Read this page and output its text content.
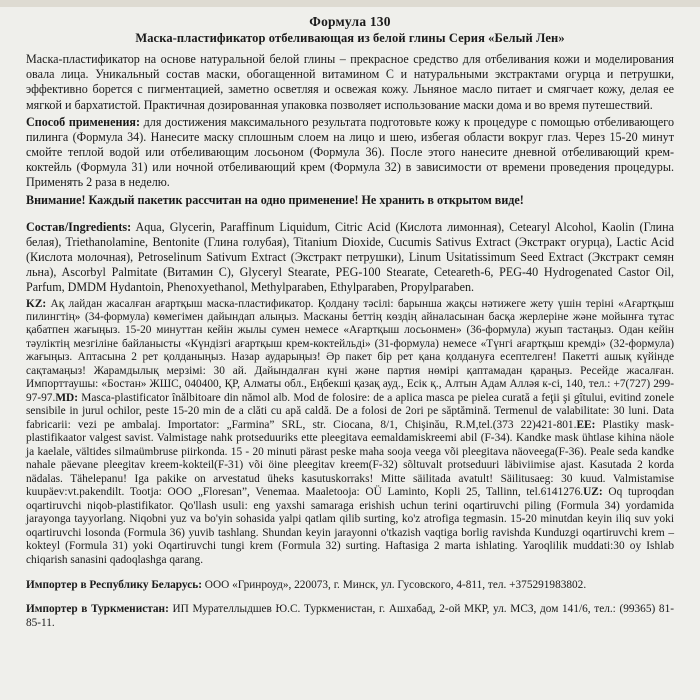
Формула 130
Маска-пластификатор отбеливающая из белой глины Серия «Белый Лен»

Маска-пластификатор на основе натуральной белой глины – прекрасное средство для отбеливания кожи и моделирования овала лица. Уникальный состав маски, обогащенной витамином С и натуральными экстрактами огурца и петрушки, эффективно борется с пигментацией, заметно осветляя и освежая кожу. Льняное масло питает и смягчает кожу, делая ее мягкой и бархатистой. Практичная дозированная упаковка позволяет использование маски дома и во время путешествий.

Способ применения: для достижения максимального результата подготовьте кожу к процедуре с помощью отбеливающего пилинга (Формула 34). Нанесите маску сплошным слоем на лицо и шею, избегая области вокруг глаз. Через 15-20 минут смойте теплой водой или отбеливающим лосьоном (Формула 36). После этого нанесите дневной отбеливающий крем-коктейль (Формула 31) или ночной отбеливающий крем (Формула 32) в зависимости от времени проведения процедуры. Применять 2 раза в неделю.

Внимание! Каждый пакетик рассчитан на одно применение! Не хранить в открытом виде!

Состав/Ingredients: Aqua, Glycerin, Paraffinum Liquidum, Citric Acid (Кислота лимонная), Cetearyl Alcohol, Kaolin (Глина белая), Triethanolamine, Bentonite (Глина голубая), Titanium Dioxide, Cucumis Sativus Extract (Экстракт огурца), Lactic Acid (Кислота молочная), Petroselinum Sativum Extract (Экстракт петрушки), Linum Usitatissimum Seed Extract (Экстракт семян льна), Ascorbyl Palmitate (Витамин С), Glyceryl Stearate, PEG-100 Stearate, Ceteareth-6, PEG-40 Hydrogenated Castor Oil, Parfum, DMDM Hydantoin, Phenoxyethanol, Methylparaben, Ethylparaben, Propylparaben.

KZ: Ақ лайдан жасалған ағартқыш маска-пластификатор. Қолдану тәсілі: барынша жақсы нәтижеге жету үшін теріні «Ағартқыш пилингтің» (34-формула) көмегімен дайындап алыңыз. Масканы беттің көздің айналасынан басқа жерлеріне және мойынға тұтас қабатпен жағыңыз. 15-20 минуттан кейін жылы сумен немесе «Ағартқыш лосьонмен» (36-формула) жуып тастаңыз. Одан кейін тәулiктiң мезгiлiне байланысты «Күндізгі ағартқыш крем-коктейльдi» (31-формула) немесе «Түнгi ағартқыш кремдi» (32-формула) жағыңыз. Аптасына 2 рет қолданыңыз. Назар аударыңыз! Әр пакет бiр рет қана қолдануға есептелген! Пакеттi ашық күйiнде сақтамаңыз! Жарамдылық мерзiмi: 30 ай. Дайындалған күнi және партия нөмiрi қаптамадан қараңыз. Ресейде жасалған. Импорттаушы: «Бостан» ЖШС, 040400, ҚР, Алматы обл., Еңбекшi қазақ ауд., Есiк қ., Алтын Адам Алләя к-сi, 140, тел.: +7(727) 299-97-97.MD: Masca-plastificator înălbitoare din nămol alb. Mod de folosire: de a aplica masca pe pielea curată a feţii şi gîtului, evitind zonele sensibile in jurul ochilor, peste 15-20 min de a clăti cu apă caldă. De a folosi de 2ori pe săptămină. Termenul de valabilitate: 30 luni. Data fabricarii: vezi pe ambalaj. Importator: „Farmina” SRL, str. Ciocana, 8/1, Chişinău, R.M,tel.(373 22)421-801.EE: Plastiky mask- plastifikaator valgest savist. Valmistage nahk protseduuriks ette pleegitava eemaldamiskreemi abil (F-34). Kandke mask ühtlase kihina näole ja kaelale, vältides silmaümbruse piirkonda. 15 - 20 minuti pärast peske maha sooja veega või pleegitava näoveega(F-36). Peale seda kandke nahale päevane pleegitav kreem-kokteil(F-31) või öine pleegitav kreem(F-32) sõltuvalt protseduuri läbiviimise ajast. Kasutada 2 korda nädalas. Tähelepanu! Iga pakike on arvestatud üheks kasutuskorraks! Mitte säilitada avatult! Säilitusaeg: 30 kuud. Valmistamise kuupäev:vt.pakendilt. Tootja: ООО „Floresan”, Venemaa. Maaletooja: OÜ Laminto, Kopli 25, Tallinn, tel.6141276.UZ: Oq tuproqdan oqartiruvchi niqob-plastifikator. Qo'llash usuli: eng yaxshi samaraga erishish uchun terini oqartiruvchi piling (Formula 34) yordamida jarayonga tayyorlang. Niqobni yuz va bo'yin sohasida yalpi qatlam qilib surting, ko'z atrofiga tegmasin. 15-20 minutdan keyin iliq suv yoki oqartiruvchi losonda (Formula 36) yuvib tashlang. Shundan keyin jarayonni o'tkazish vaqtiga borlig ravishda Kunduzgi oqartiruvchi krem – kokteyl (Formula 31) yoki Oqartiruvchi tungi krem (Formula 32) surting. Haftasiga 2 marta ishlating. Yaroqlilik muddati:30 oy Ishlab chiqarish sanasini qadoqlashga qarang.

Импортер в Республику Беларусь: ООО «Гринроуд», 220073, г. Минск, ул. Гусовского, 4-811, тел. +375291983802.

Импортер в Туркменистан: ИП Мурателлыдшев Ю.С. Туркменистан, г. Ашхабад, 2-ой МКР, ул. МСЗ, дом 141/6, тел.: (99365) 81-85-11.
